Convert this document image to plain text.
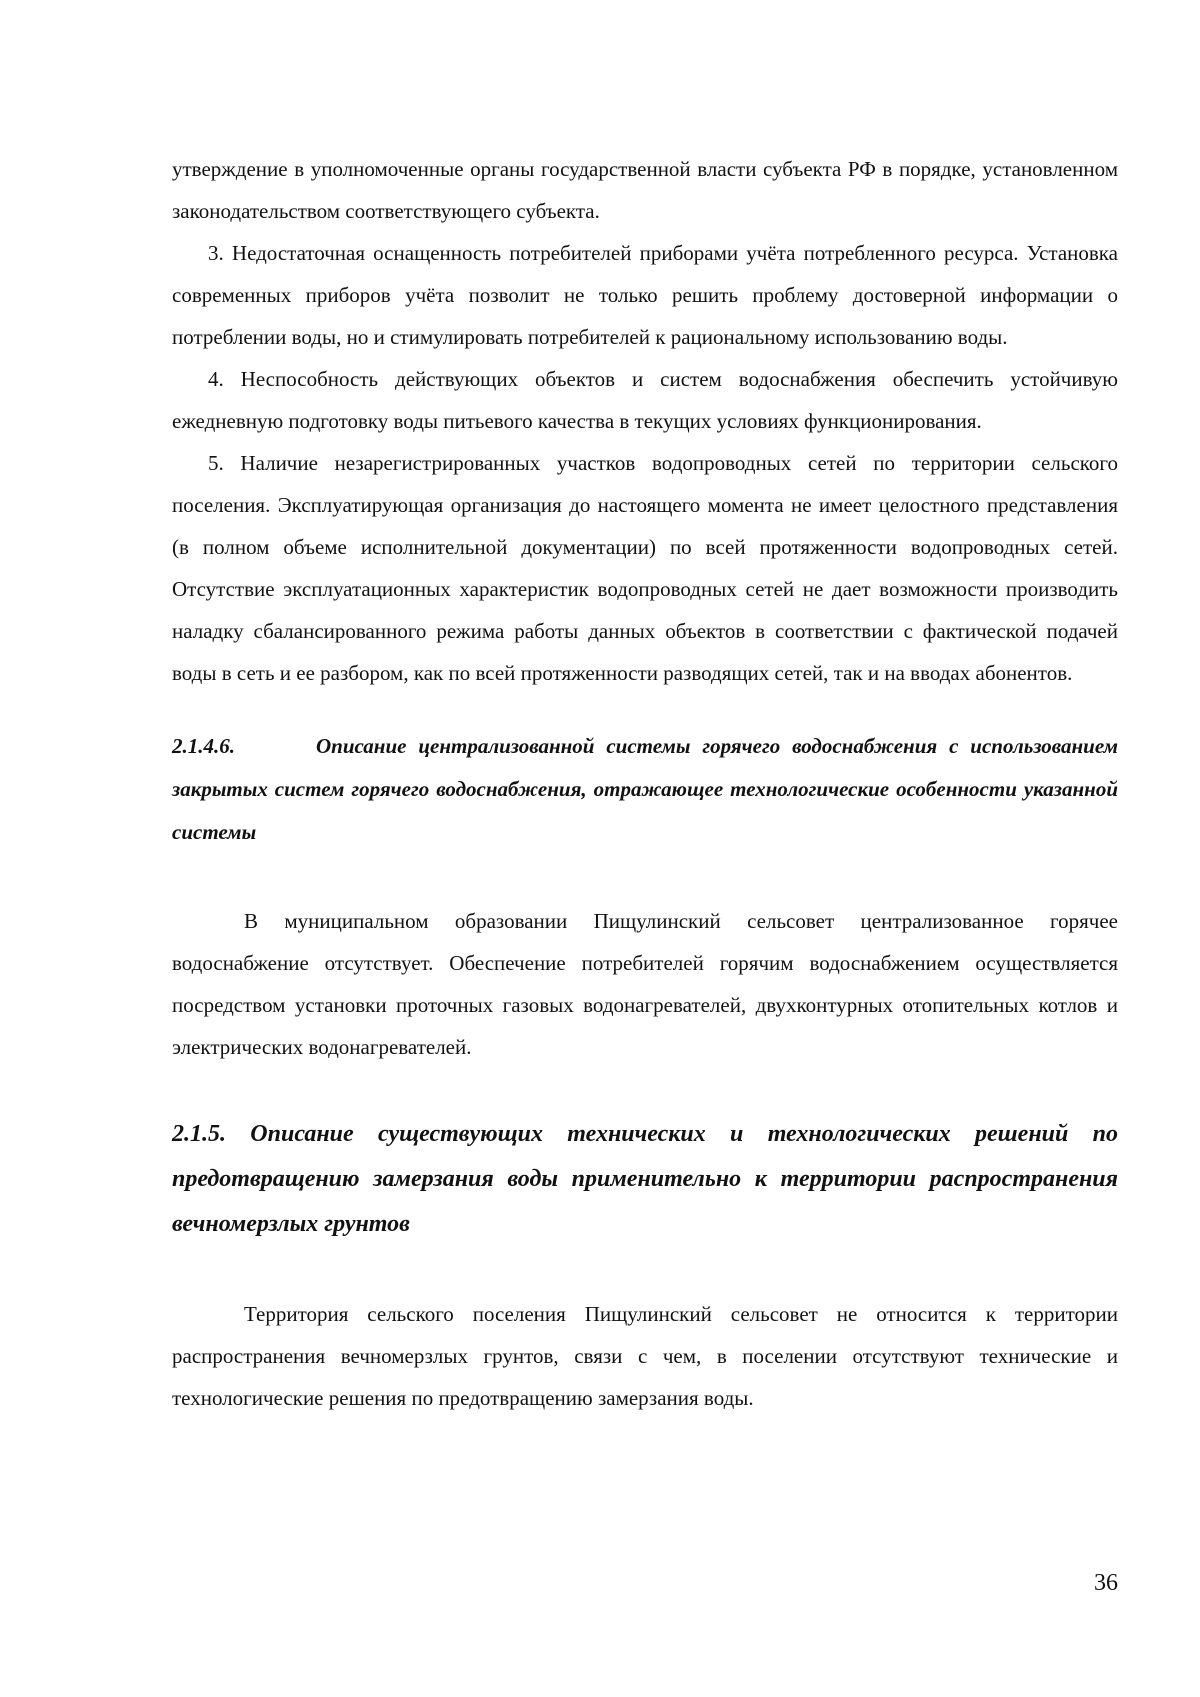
утверждение в уполномоченные органы государственной власти субъекта РФ в порядке, установленном законодательством соответствующего субъекта.

3. Недостаточная оснащенность потребителей приборами учёта потребленного ресурса. Установка современных приборов учёта позволит не только решить проблему достоверной информации о потреблении воды, но и стимулировать потребителей к рациональному использованию воды.

4. Неспособность действующих объектов и систем водоснабжения обеспечить устойчивую ежедневную подготовку воды питьевого качества в текущих условиях функционирования.

5. Наличие незарегистрированных участков водопроводных сетей по территории сельского поселения. Эксплуатирующая организация до настоящего момента не имеет целостного представления (в полном объеме исполнительной документации) по всей протяженности водопроводных сетей. Отсутствие эксплуатационных характеристик водопроводных сетей не дает возможности производить наладку сбалансированного режима работы данных объектов в соответствии с фактической подачей воды в сеть и ее разбором, как по всей протяженности разводящих сетей, так и на вводах абонентов.

2.1.4.6.	Описание централизованной системы горячего водоснабжения с использованием закрытых систем горячего водоснабжения, отражающее технологические особенности указанной системы

В муниципальном образовании Пищулинский сельсовет централизованное горячее водоснабжение отсутствует. Обеспечение потребителей горячим водоснабжением осуществляется посредством установки проточных газовых водонагревателей, двухконтурных отопительных котлов и электрических водонагревателей.

2.1.5. Описание существующих технических и технологических решений по предотвращению замерзания воды применительно к территории распространения вечномерзлых грунтов

Территория сельского поселения Пищулинский сельсовет не относится к территории распространения вечномерзлых грунтов, связи с чем, в поселении отсутствуют технические и технологические решения по предотвращению замерзания воды.

36
